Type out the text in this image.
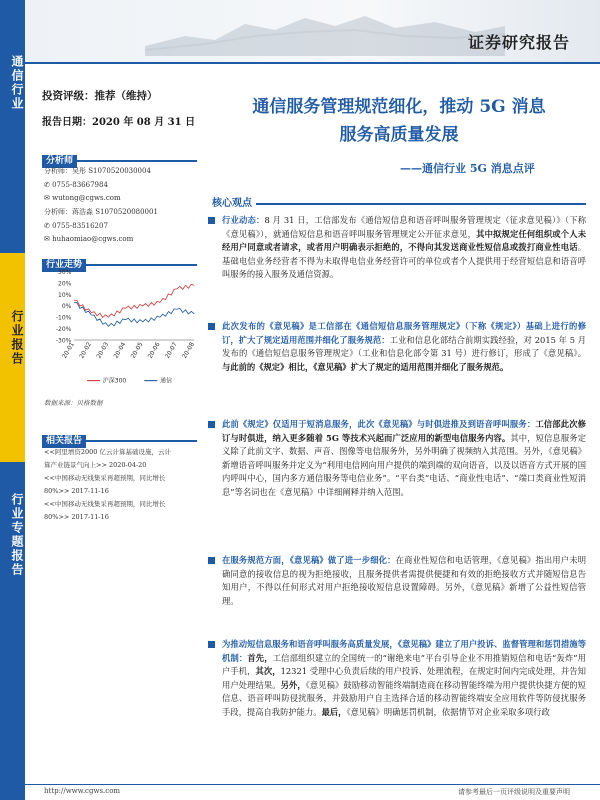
通信行业
行业报告
行业专题报告
证券研究报告
投资评级：推荐（维持）
报告日期：2020 年 08 月 31 日
分析师
分析师：吴彤 S1070520030004
✆ 0755-83667984
✉ wutong@cgws.com
分析师：蒋浩淼 S1070520080001
✆ 0755-83516207
✉ huhaomiao@cgws.com
行业走势
30%
20%
10%
0%
-10%
-20%
-30%
20-01 20-02 20-03 20-04 20-05 20-06 20-07 20-08
沪深300	通信
数据来源：贝格数据
相关报告
<<阿里增资2000 亿云计算基础设施，云计
算产业链景气向上>> 2020-04-20
<<中国移动无线集采再超预期，同比增长
80%>> 2017-11-16
<<中国移动无线集采再超预期，同比增长
80%>> 2017-11-16
通信服务管理规范细化，推动 5G 消息
服务高质量发展
——通信行业 5G 消息点评
核心观点
行业动态：8 月 31 日，工信部发布《通信短信息和语音呼叫服务管理规定（征求意见稿）》（下称《意见稿》），就通信短信息和语音呼叫服务管理规定公开征求意见，其中拟规定任何组织或个人未经用户同意或者请求，或者用户明确表示拒绝的，不得向其发送商业性短信息或拨打商业性电话。基础电信业务经营者不得为未取得电信业务经营许可的单位或者个人提供用于经营短信息和语音呼叫服务的接入服务及通信资源。
此次发布的《意见稿》是工信部在《通信短信息服务管理规定》（下称《规定》）基础上进行的修订，扩大了规定适用范围并细化了服务规范：工业和信息化部结合前期实践经验，对 2015 年 5 月发布的《通信短信息服务管理规定》（工业和信息化部令第 31 号）进行修订，形成了《意见稿》。与此前的《规定》相比，《意见稿》扩大了规定的适用范围并细化了服务规范。
此前《规定》仅适用于短消息服务，此次《意见稿》与时俱进推及到语音呼叫服务：工信部此次修订与时俱进，纳入更多随着 5G 等技术兴起而广泛应用的新型电信服务内容。其中，短信息服务定义除了此前文字、数据、声音、图像等电信服务外，另外明确了视频纳入其范围。另外，《意见稿》新增语音呼叫服务并定义为“利用电信网向用户提供的端到端的双向语音，以及以语音方式开展的国内呼叫中心，国内多方通信服务等电信业务”。“平台类”电话、“商业性电话”、“端口类商业性短消息”等名词也在《意见稿》中详细阐释并纳入范围。
在服务规范方面，《意见稿》做了进一步细化：在商业性短信和电话管理，《意见稿》指出用户未明确同意的接收信息的视为拒绝接收，且服务提供者需提供便捷和有效的拒绝接收方式并随短信息告知用户，不得以任何形式对用户拒绝接收短信息设置障碍。另外，《意见稿》新增了公益性短信管理。
为推动短信息服务和语音呼叫服务高质量发展，《意见稿》建立了用户投诉、监督管理和惩罚措施等机制：首先，工信部组织建立的全国统一的“谢绝来电”平台引导企业不用推销短信和电话“轰炸”用户手机，其次，12321 受理中心负责后续的用户投诉、处理流程，在规定时间内完成处理，并告知用户处理结果。另外，《意见稿》鼓励移动智能终端制造商在移动智能终端为用户提供快捷方便的短信息、语音呼叫防侵扰服务，并鼓励用户自主选择合适的移动智能终端安全应用软件等防侵扰服务手段，提高自我防护能力。最后，《意见稿》明确惩罚机制，依据情节对企业采取多项行政
http://www.cgws.com	请参考最后一页评级说明及重要声明
